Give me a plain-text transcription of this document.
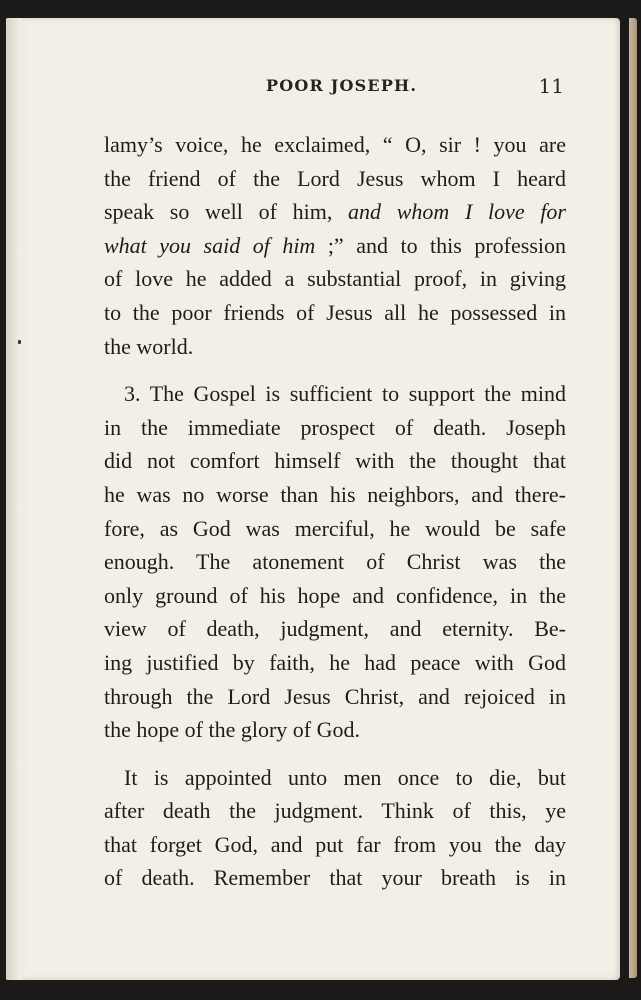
POOR JOSEPH.	11

lamy’s voice, he exclaimed, “ O, sir ! you are
the friend of the Lord Jesus whom I heard
speak so well of him, and whom I love for
what you said of him ;” and to this profession
of love he added a substantial proof, in giving
to the poor friends of Jesus all he possessed in
the world.

3. The Gospel is sufficient to support the mind
in the immediate prospect of death. Joseph
did not comfort himself with the thought that
he was no worse than his neighbors, and there-
fore, as God was merciful, he would be safe
enough. The atonement of Christ was the
only ground of his hope and confidence, in the
view of death, judgment, and eternity. Be-
ing justified by faith, he had peace with God
through the Lord Jesus Christ, and rejoiced in
the hope of the glory of God.

It is appointed unto men once to die, but
after death the judgment. Think of this, ye
that forget God, and put far from you the day
of death. Remember that your breath is in
